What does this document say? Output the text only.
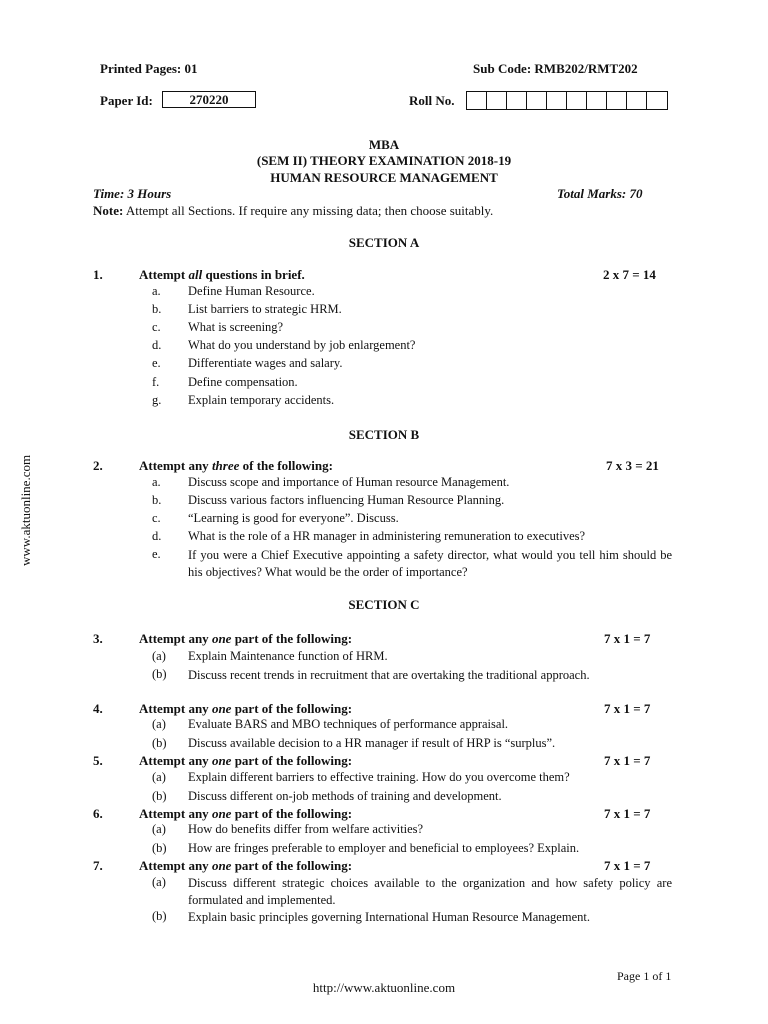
Printed Pages: 01	Sub Code: RMB202/RMT202
Paper Id:	270220	Roll No.
MBA
(SEM II) THEORY EXAMINATION 2018-19
HUMAN RESOURCE MANAGEMENT
Time: 3 Hours	Total Marks: 70
Note: Attempt all Sections. If require any missing data; then choose suitably.
www.aktuonline.com
SECTION A
1.	Attempt all questions in brief.	2 x 7 = 14
a. Define Human Resource.
b. List barriers to strategic HRM.
c. What is screening?
d. What do you understand by job enlargement?
e. Differentiate wages and salary.
f. Define compensation.
g. Explain temporary accidents.
SECTION B
2.	Attempt any three of the following:	7 x 3 = 21
a. Discuss scope and importance of Human resource Management.
b. Discuss various factors influencing Human Resource Planning.
c. “Learning is good for everyone”. Discuss.
d. What is the role of a HR manager in administering remuneration to executives?
e. If you were a Chief Executive appointing a safety director, what would you tell him should be his objectives? What would be the order of importance?
SECTION C
3.	Attempt any one part of the following:	7 x 1 = 7
(a) Explain Maintenance function of HRM.
(b) Discuss recent trends in recruitment that are overtaking the traditional approach.
4.	Attempt any one part of the following:	7 x 1 = 7
(a) Evaluate BARS and MBO techniques of performance appraisal.
(b) Discuss available decision to a HR manager if result of HRP is “surplus”.
5.	Attempt any one part of the following:	7 x 1 = 7
(a) Explain different barriers to effective training. How do you overcome them?
(b) Discuss different on-job methods of training and development.
6.	Attempt any one part of the following:	7 x 1 = 7
(a) How do benefits differ from welfare activities?
(b) How are fringes preferable to employer and beneficial to employees? Explain.
7.	Attempt any one part of the following:	7 x 1 = 7
(a) Discuss different strategic choices available to the organization and how safety policy are formulated and implemented.
(b) Explain basic principles governing International Human Resource Management.
Page 1 of 1
http://www.aktuonline.com
